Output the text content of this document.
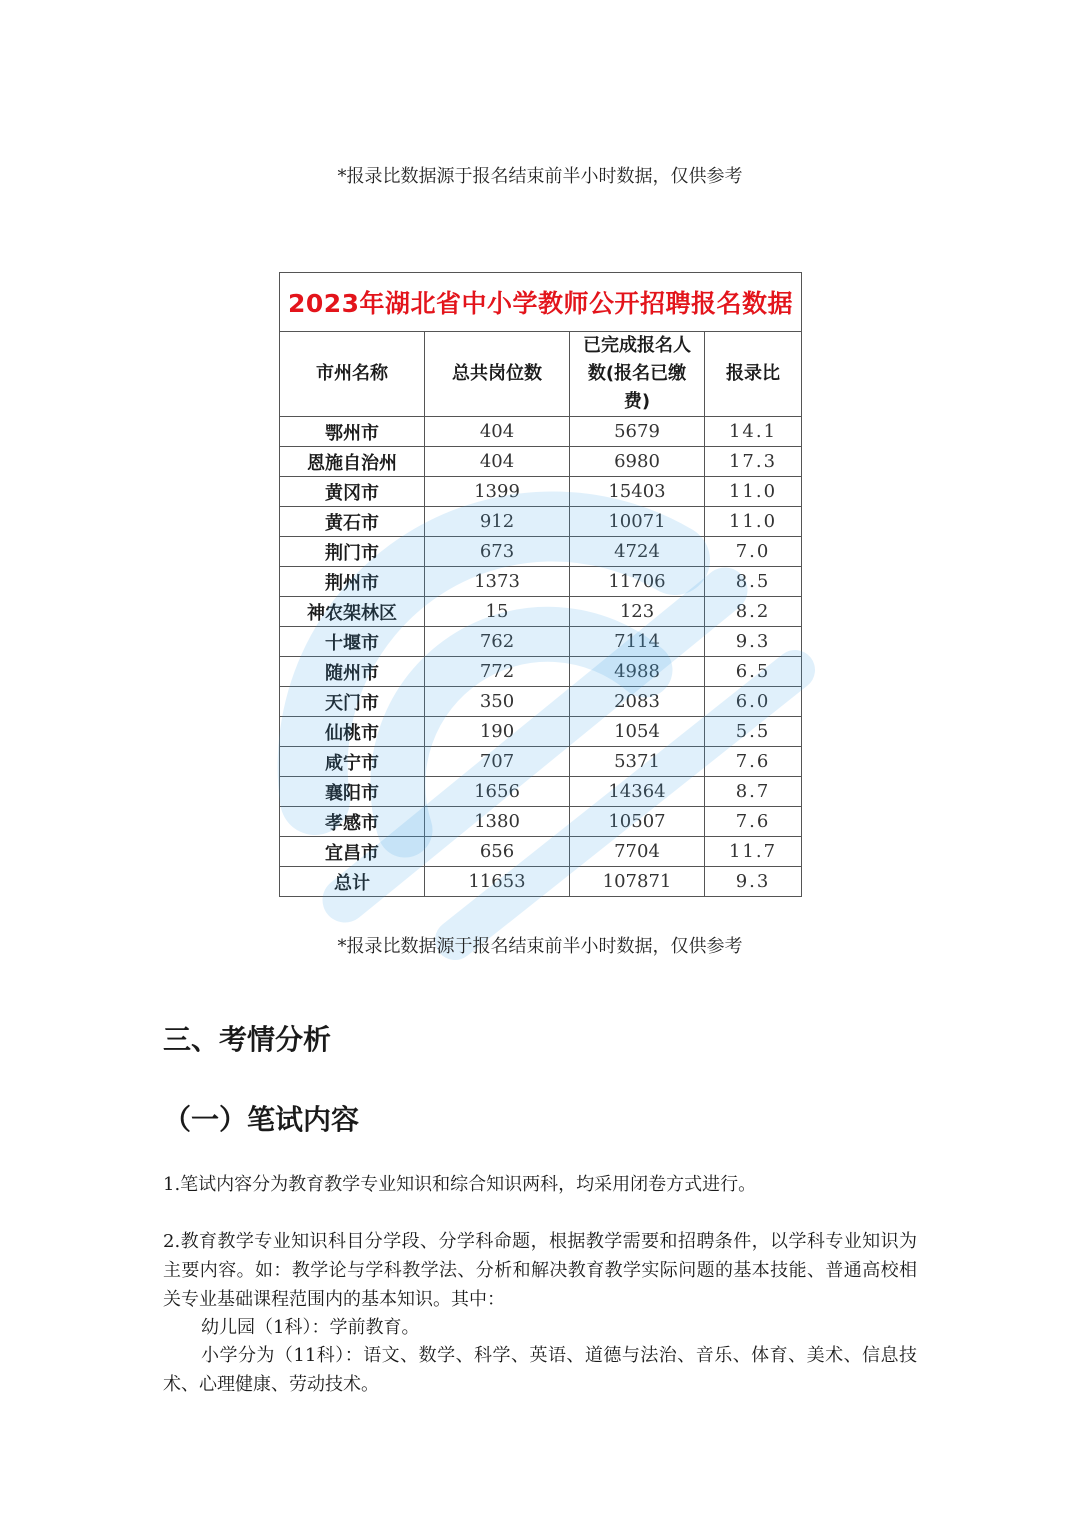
*报录比数据源于报名结束前半小时数据，仅供参考
2023年湖北省中小学教师公开招聘报名数据			
市州名称	总共岗位数	已完成报名人数(报名已缴费)	报录比
鄂州市	404	5679	14.1
恩施自治州	404	6980	17.3
黄冈市	1399	15403	11.0
黄石市	912	10071	11.0
荆门市	673	4724	7.0
荆州市	1373	11706	8.5
神农架林区	15	123	8.2
十堰市	762	7114	9.3
随州市	772	4988	6.5
天门市	350	2083	6.0
仙桃市	190	1054	5.5
咸宁市	707	5371	7.6
襄阳市	1656	14364	8.7
孝感市	1380	10507	7.6
宜昌市	656	7704	11.7
总计	11653	107871	9.3
*报录比数据源于报名结束前半小时数据，仅供参考
三、考情分析
（一）笔试内容

1.笔试内容分为教育教学专业知识和综合知识两科，均采用闭卷方式进行。

2.教育教学专业知识科目分学段、分学科命题，根据教学需要和招聘条件，以学科专业知识为主要内容。如：教学论与学科教学法、分析和解决教育教学实际问题的基本技能、普通高校相关专业基础课程范围内的基本知识。其中：

幼儿园（1科）：学前教育。

小学分为（11科）：语文、数学、科学、英语、道德与法治、音乐、体育、美术、信息技术、心理健康、劳动技术。
